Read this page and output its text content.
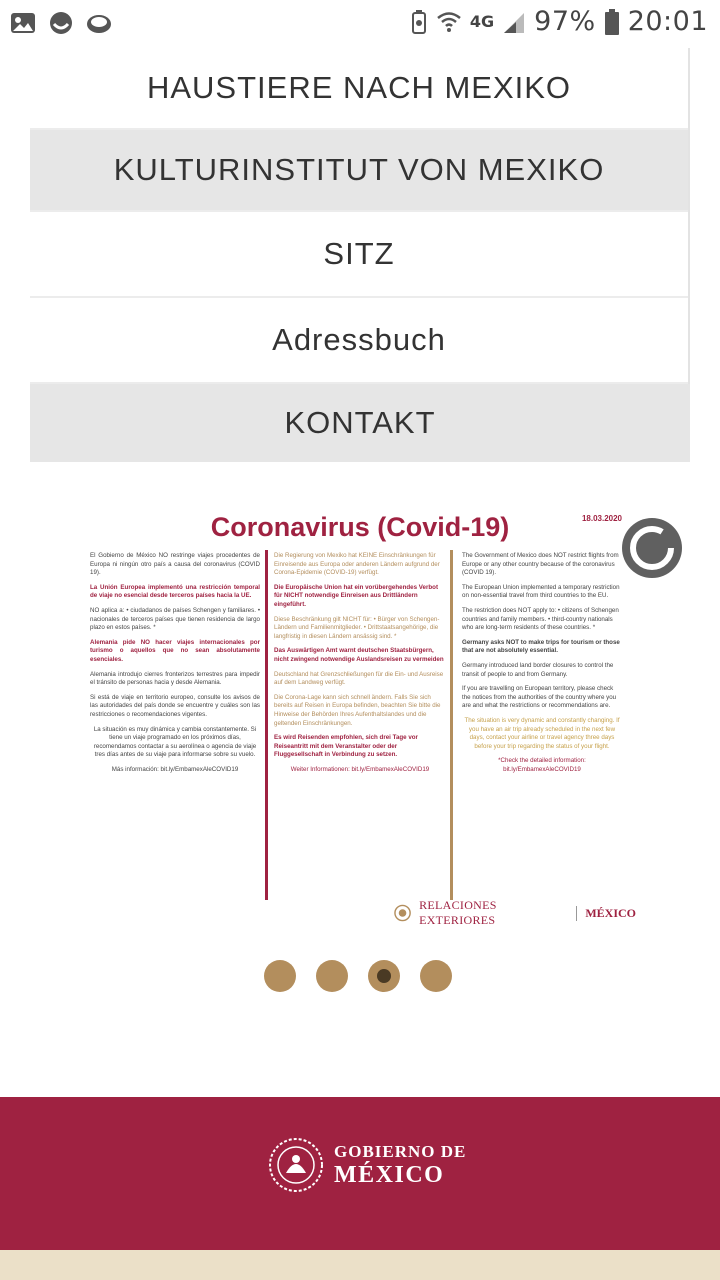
4G 97% 20:01
HAUSTIERE NACH MEXIKO
KULTURINSTITUT VON MEXIKO
SITZ
Adressbuch
KONTAKT
Coronavirus (Covid-19)	18.03.2020

El Gobierno de México NO restringe viajes procedentes de Europa ni ningún otro país a causa del coronavirus (COVID 19).

La Unión Europea implementó una restricción temporal de viaje no esencial desde terceros países hacia la UE.

NO aplica a: • ciudadanos de países Schengen y familiares. • nacionales de terceros países que tienen residencia de largo plazo en estos países. *

Alemania pide NO hacer viajes internacionales por turismo o aquellos que no sean absolutamente esenciales.

Alemania introdujo cierres fronterizos terrestres para impedir el tránsito de personas hacia y desde Alemania.

Si está de viaje en territorio europeo, consulte los avisos de las autoridades del país donde se encuentre y cuáles son las restricciones o recomendaciones vigentes.

La situación es muy dinámica y cambia constantemente. Si tiene un viaje programado en los próximos días, recomendamos contactar a su aerolínea o agencia de viaje tres días antes de su viaje para informarse sobre su vuelo.

Más información: bit.ly/EmbamexAleCOVID19

Die Regierung von Mexiko hat KEINE Einschränkungen für Einreisende aus Europa oder anderen Ländern aufgrund der Corona-Epidemie (COVID-19) verfügt.

Die Europäische Union hat ein vorübergehendes Verbot für NICHT notwendige Einreisen aus Drittländern eingeführt.

Diese Beschränkung gilt NICHT für: • Bürger von Schengen-Ländern und Familienmitglieder. • Drittstaatsangehörige, die langfristig in diesen Ländern ansässig sind. *

Das Auswärtigen Amt warnt deutschen Staatsbürgern, nicht zwingend notwendige Auslandsreisen zu vermeiden

Deutschland hat Grenzschließungen für die Ein- und Ausreise auf dem Landweg verfügt.

Die Corona-Lage kann sich schnell ändern. Falls Sie sich bereits auf Reisen in Europa befinden, beachten Sie bitte die Hinweise der Behörden Ihres Aufenthaltslandes und die geltenden Einschränkungen.

Es wird Reisenden empfohlen, sich drei Tage vor Reiseantritt mit dem Veranstalter oder der Fluggesellschaft in Verbindung zu setzen.

Weiter Informationen: bit.ly/EmbamexAleCOVID19

The Government of Mexico does NOT restrict flights from Europe or any other country because of the coronavirus (COVID 19).

The European Union implemented a temporary restriction on non-essential travel from third countries to the EU.

The restriction does NOT apply to: • citizens of Schengen countries and family members. • third-country nationals who are long-term residents of these countries. *

Germany asks NOT to make trips for tourism or those that are not absolutely essential.

Germany introduced land border closures to control the transit of people to and from Germany.

If you are travelling on European territory, please check the notices from the authorities of the country where you are and what the restrictions or recommendations are.

The situation is very dynamic and constantly changing. If you have an air trip already scheduled in the next few days, contact your airline or travel agency three days before your trip regarding the status of your flight.

*Check the detailed information: bit.ly/EmbamexAleCOVID19

RELACIONES EXTERIORES
MÉXICO
GOBIERNO DE
MÉXICO
